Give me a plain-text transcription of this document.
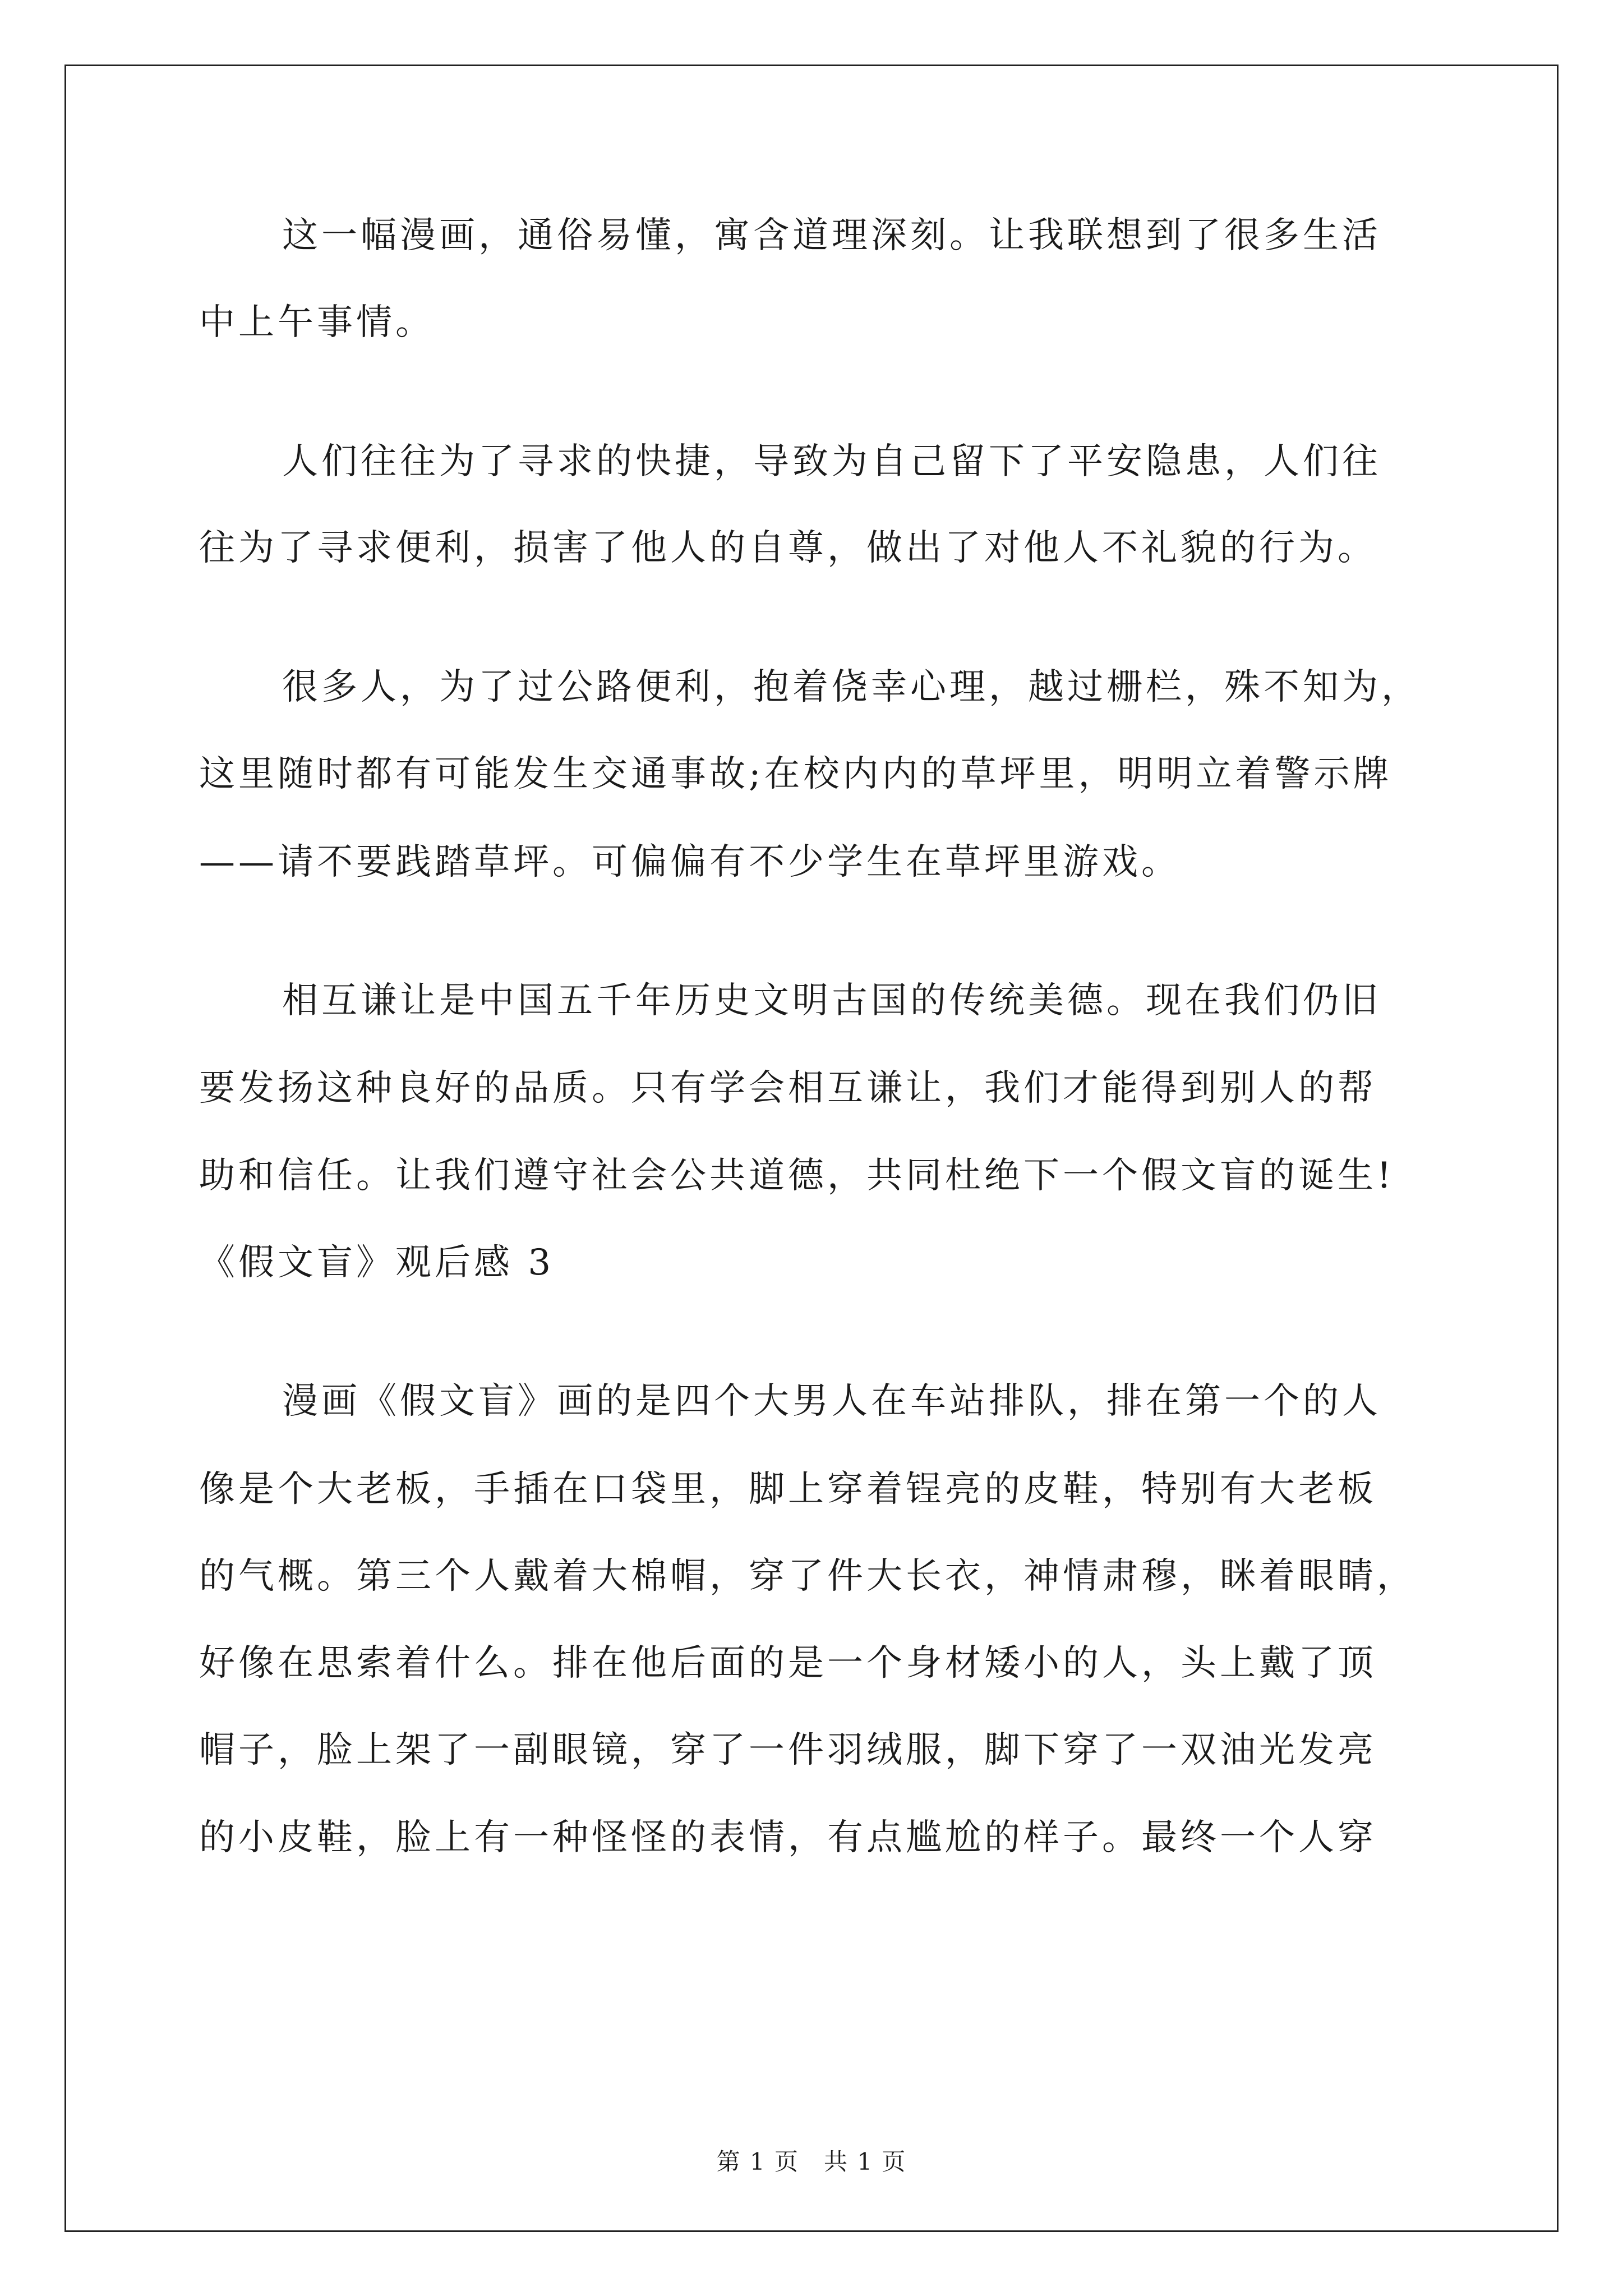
这一幅漫画，通俗易懂，寓含道理深刻。让我联想到了很多生活
中上午事情。
人们往往为了寻求的快捷，导致为自己留下了平安隐患，人们往
往为了寻求便利，损害了他人的自尊，做出了对他人不礼貌的行为。
很多人，为了过公路便利，抱着侥幸心理，越过栅栏，殊不知为，
这里随时都有可能发生交通事故;在校内内的草坪里，明明立着警示牌
——请不要践踏草坪。可偏偏有不少学生在草坪里游戏。
相互谦让是中国五千年历史文明古国的传统美德。现在我们仍旧
要发扬这种良好的品质。只有学会相互谦让，我们才能得到别人的帮
助和信任。让我们遵守社会公共道德，共同杜绝下一个假文盲的诞生!
《假文盲》观后感 3
漫画《假文盲》画的是四个大男人在车站排队，排在第一个的人
像是个大老板，手插在口袋里，脚上穿着锃亮的皮鞋，特别有大老板
的气概。第三个人戴着大棉帽，穿了件大长衣，神情肃穆，眯着眼睛，
好像在思索着什么。排在他后面的是一个身材矮小的人，头上戴了顶
帽子，脸上架了一副眼镜，穿了一件羽绒服，脚下穿了一双油光发亮
的小皮鞋，脸上有一种怪怪的表情，有点尴尬的样子。最终一个人穿
第 1 页　共 1 页
